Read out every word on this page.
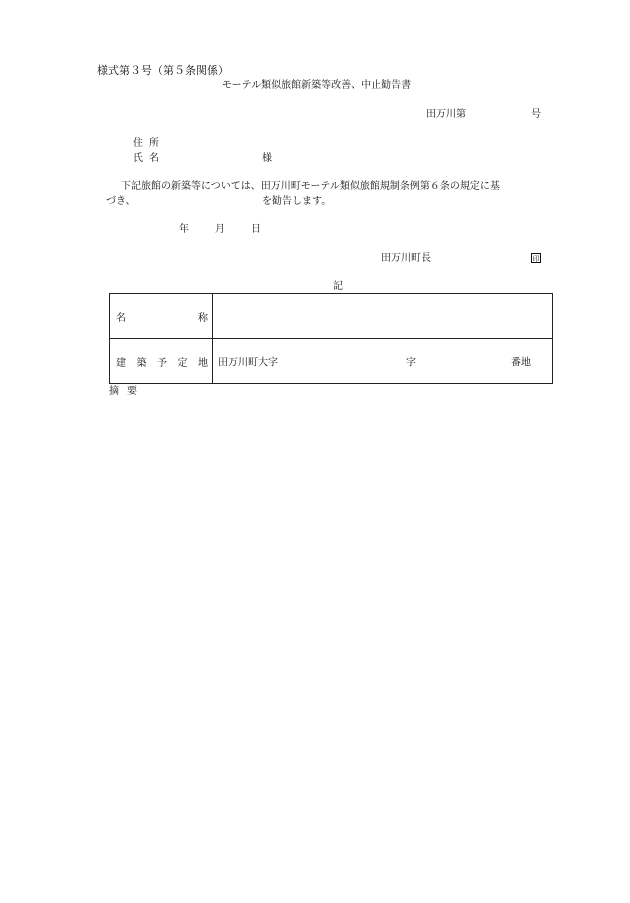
様式第３号（第５条関係）
モーテル類似旅館新築等改善、中止勧告書
田万川第	号
住所
氏名	様
下記旅館の新築等については、田万川町モーテル類似旅館規制条例第６条の規定に基
づき、	を勧告します。
年	月	日
田万川町長	印
記
名 称	

建 築 予 定 地	田万川町大字 字 番地
摘要
